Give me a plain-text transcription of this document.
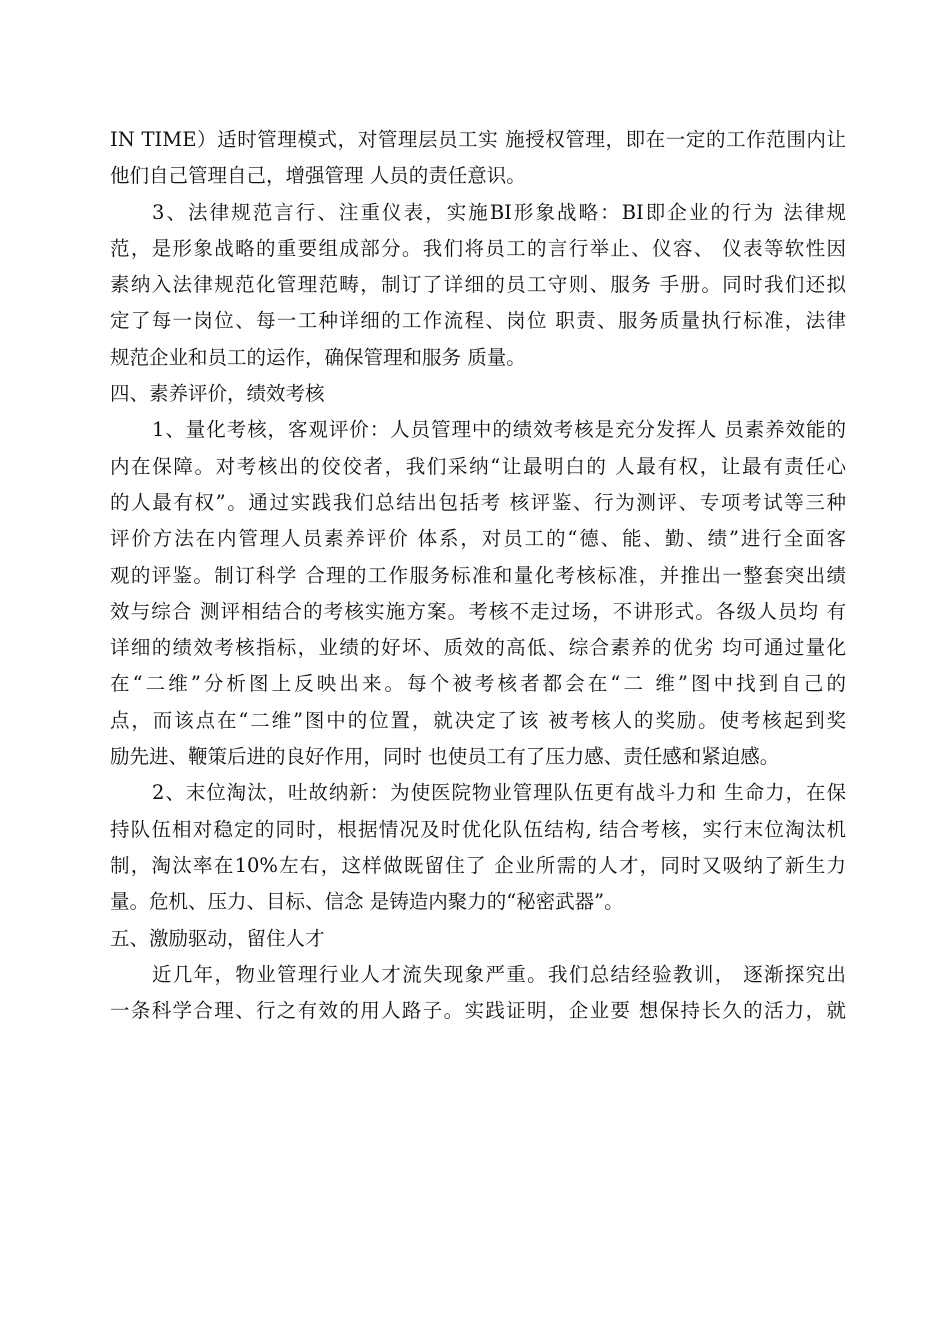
IN TIME）适时管理模式，对管理层员工实 施授权管理，即在一定的工作范围内让
他们自己管理自己，增强管理 人员的责任意识。
3、法律规范言行、注重仪表，实施BI形象战略：BI即企业的行为 法律规
范，是形象战略的重要组成部分。我们将员工的言行举止、仪容、 仪表等软性因
素纳入法律规范化管理范畴，制订了详细的员工守则、服务 手册。同时我们还拟
定了每一岗位、每一工种详细的工作流程、岗位 职责、服务质量执行标准，法律
规范企业和员工的运作，确保管理和服务 质量。
四、素养评价，绩效考核
1、量化考核，客观评价：人员管理中的绩效考核是充分发挥人 员素养效能的
内在保障。对考核出的佼佼者，我们采纳“让最明白的 人最有权，让最有责任心
的人最有权”。通过实践我们总结出包括考 核评鉴、行为测评、专项考试等三种
评价方法在内管理人员素养评价 体系，对员工的“德、能、勤、绩”进行全面客
观的评鉴。制订科学 合理的工作服务标准和量化考核标准，并推出一整套突出绩
效与综合 测评相结合的考核实施方案。考核不走过场，不讲形式。各级人员均 有
详细的绩效考核指标，业绩的好坏、质效的高低、综合素养的优劣 均可通过量化
在“二维”分析图上反映出来。每个被考核者都会在“二 维”图中找到自己的
点，而该点在“二维”图中的位置，就决定了该 被考核人的奖励。使考核起到奖
励先进、鞭策后进的良好作用，同时 也使员工有了压力感、责任感和紧迫感。
2、末位淘汰，吐故纳新：为使医院物业管理队伍更有战斗力和 生命力，在保
持队伍相对稳定的同时，根据情况及时优化队伍结构, 结合考核，实行末位淘汰机
制，淘汰率在10%左右，这样做既留住了 企业所需的人才，同时又吸纳了新生力
量。危机、压力、目标、信念 是铸造内聚力的“秘密武器”。
五、激励驱动，留住人才
近几年，物业管理行业人才流失现象严重。我们总结经验教训， 逐渐探究出
一条科学合理、行之有效的用人路子。实践证明，企业要 想保持长久的活力，就
